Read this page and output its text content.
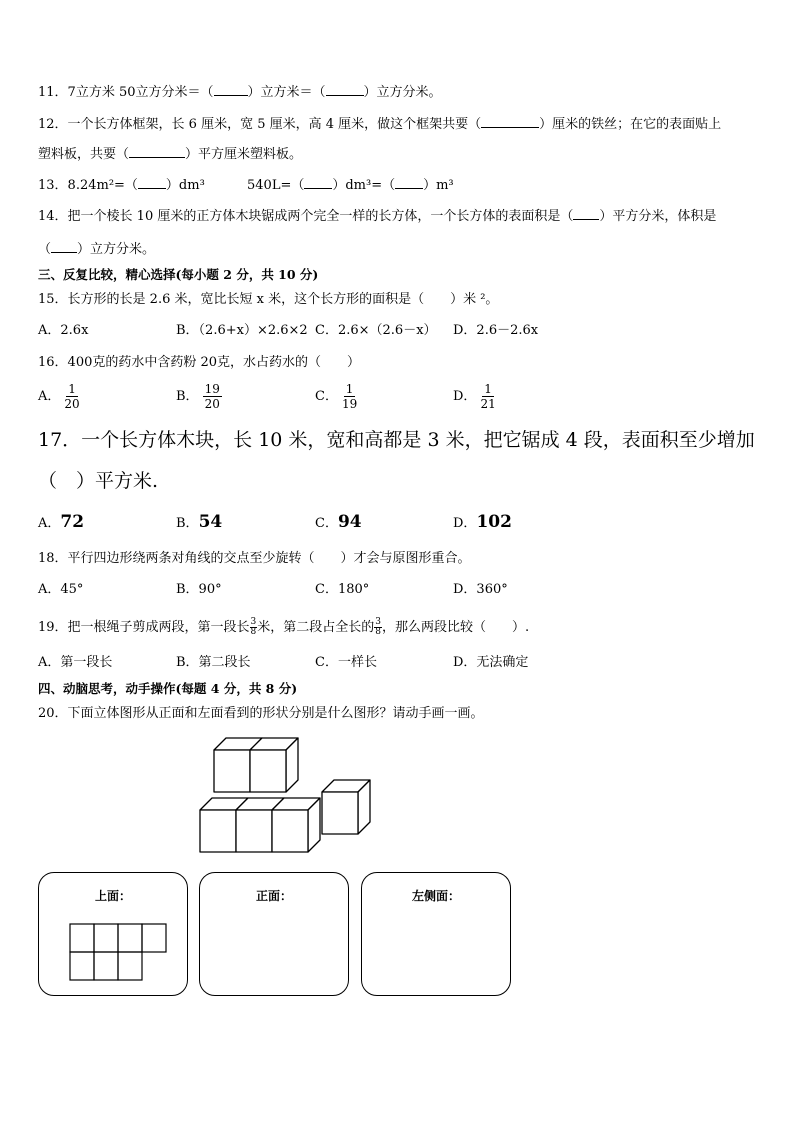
11．7立方米 50立方分米＝（	）立方米＝（	）立方分米。
12．一个长方体框架，长 6 厘米，宽 5 厘米，高 4 厘米，做这个框架共要（	）厘米的铁丝；在它的表面贴上
塑料板，共要（	）平方厘米塑料板。
13．8.24m²=（ ）dm³	540L=（ ）dm³=（ ）m³
14．把一个棱长 10 厘米的正方体木块锯成两个完全一样的长方体，一个长方体的表面积是（ ）平方分米，体积是
（ ）立方分米。
三、反复比较，精心选择(每小题 2 分，共 10 分)
15．长方形的长是 2.6 米，宽比长短 x 米，这个长方形的面积是（　　）米 ²。
A．2.6x	B．（2.6+x）×2.6×2 C．2.6×（2.6－x） D．2.6－2.6x
16．400克的药水中含药粉 20克，水占药水的（　　）
A． $\frac{1}{20}$	B． $\frac{19}{20}$	C． $\frac{1}{19}$	D． $\frac{1}{21}$
17．一个长方体木块，长 10 米，宽和高都是 3 米，把它锯成 4 段，表面积至少增加
（　）平方米.
A．72	B．54	C．94	D．102
18．平行四边形绕两条对角线的交点至少旋转（　　）才会与原图形重合。
A．45°	B．90°	C．180°	D．360°
19．把一根绳子剪成两段，第一段长 $\frac{3}{8}$ 米，第二段占全长的 $\frac{3}{8}$ ，那么两段比较（　　）.
A．第一段长	B．第二段长	C．一样长	D．无法确定
四、动脑思考，动手操作(每题 4 分，共 8 分)
20．下面立体图形从正面和左面看到的形状分别是什么图形？请动手画一画。
上面：	正面：	左侧面：
